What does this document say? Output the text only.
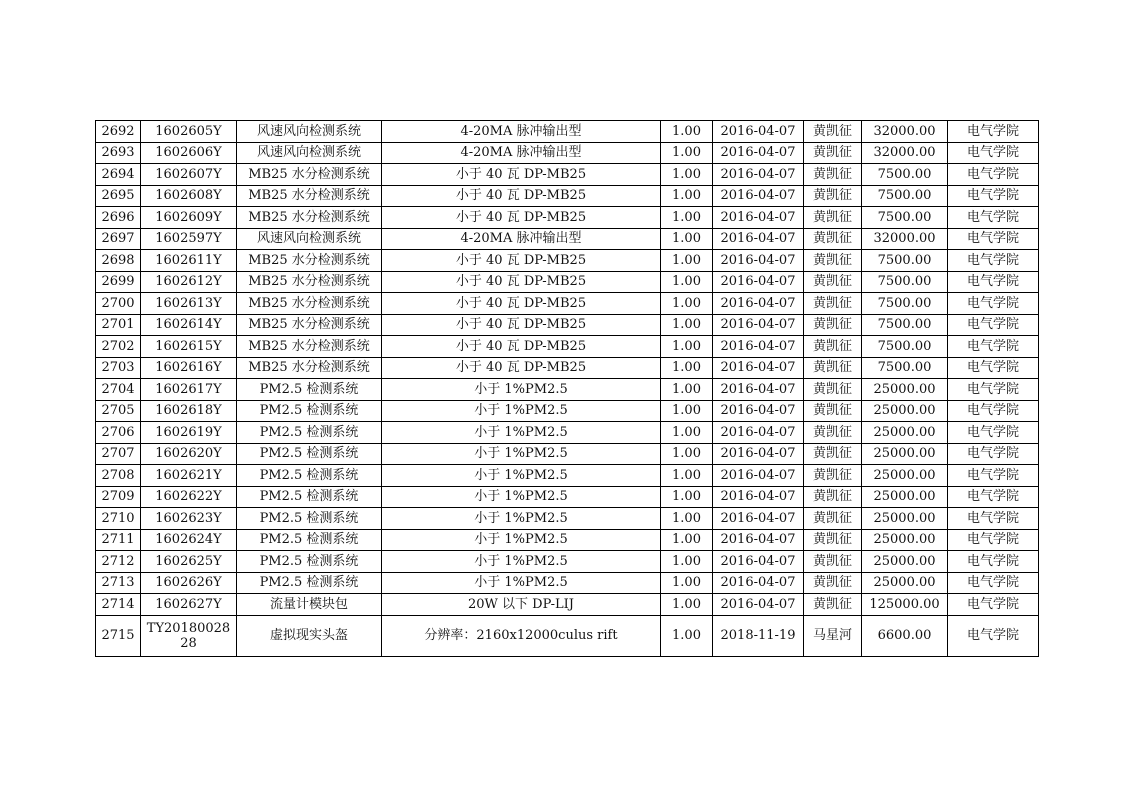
2692	1602605Y	风速风向检测系统	4-20MA 脉冲输出型	1.00	2016-04-07	黄凯征	32000.00	电气学院
2693	1602606Y	风速风向检测系统	4-20MA 脉冲输出型	1.00	2016-04-07	黄凯征	32000.00	电气学院
2694	1602607Y	MB25 水分检测系统	小于 40 瓦 DP-MB25	1.00	2016-04-07	黄凯征	7500.00	电气学院
2695	1602608Y	MB25 水分检测系统	小于 40 瓦 DP-MB25	1.00	2016-04-07	黄凯征	7500.00	电气学院
2696	1602609Y	MB25 水分检测系统	小于 40 瓦 DP-MB25	1.00	2016-04-07	黄凯征	7500.00	电气学院
2697	1602597Y	风速风向检测系统	4-20MA 脉冲输出型	1.00	2016-04-07	黄凯征	32000.00	电气学院
2698	1602611Y	MB25 水分检测系统	小于 40 瓦 DP-MB25	1.00	2016-04-07	黄凯征	7500.00	电气学院
2699	1602612Y	MB25 水分检测系统	小于 40 瓦 DP-MB25	1.00	2016-04-07	黄凯征	7500.00	电气学院
2700	1602613Y	MB25 水分检测系统	小于 40 瓦 DP-MB25	1.00	2016-04-07	黄凯征	7500.00	电气学院
2701	1602614Y	MB25 水分检测系统	小于 40 瓦 DP-MB25	1.00	2016-04-07	黄凯征	7500.00	电气学院
2702	1602615Y	MB25 水分检测系统	小于 40 瓦 DP-MB25	1.00	2016-04-07	黄凯征	7500.00	电气学院
2703	1602616Y	MB25 水分检测系统	小于 40 瓦 DP-MB25	1.00	2016-04-07	黄凯征	7500.00	电气学院
2704	1602617Y	PM2.5 检测系统	小于 1%PM2.5	1.00	2016-04-07	黄凯征	25000.00	电气学院
2705	1602618Y	PM2.5 检测系统	小于 1%PM2.5	1.00	2016-04-07	黄凯征	25000.00	电气学院
2706	1602619Y	PM2.5 检测系统	小于 1%PM2.5	1.00	2016-04-07	黄凯征	25000.00	电气学院
2707	1602620Y	PM2.5 检测系统	小于 1%PM2.5	1.00	2016-04-07	黄凯征	25000.00	电气学院
2708	1602621Y	PM2.5 检测系统	小于 1%PM2.5	1.00	2016-04-07	黄凯征	25000.00	电气学院
2709	1602622Y	PM2.5 检测系统	小于 1%PM2.5	1.00	2016-04-07	黄凯征	25000.00	电气学院
2710	1602623Y	PM2.5 检测系统	小于 1%PM2.5	1.00	2016-04-07	黄凯征	25000.00	电气学院
2711	1602624Y	PM2.5 检测系统	小于 1%PM2.5	1.00	2016-04-07	黄凯征	25000.00	电气学院
2712	1602625Y	PM2.5 检测系统	小于 1%PM2.5	1.00	2016-04-07	黄凯征	25000.00	电气学院
2713	1602626Y	PM2.5 检测系统	小于 1%PM2.5	1.00	2016-04-07	黄凯征	25000.00	电气学院
2714	1602627Y	流量计模块包	20W 以下 DP-LIJ	1.00	2016-04-07	黄凯征	125000.00	电气学院
2715	TY2018002828	虚拟现实头盔	分辨率：2160x12000culus rift	1.00	2018-11-19	马星河	6600.00	电气学院
